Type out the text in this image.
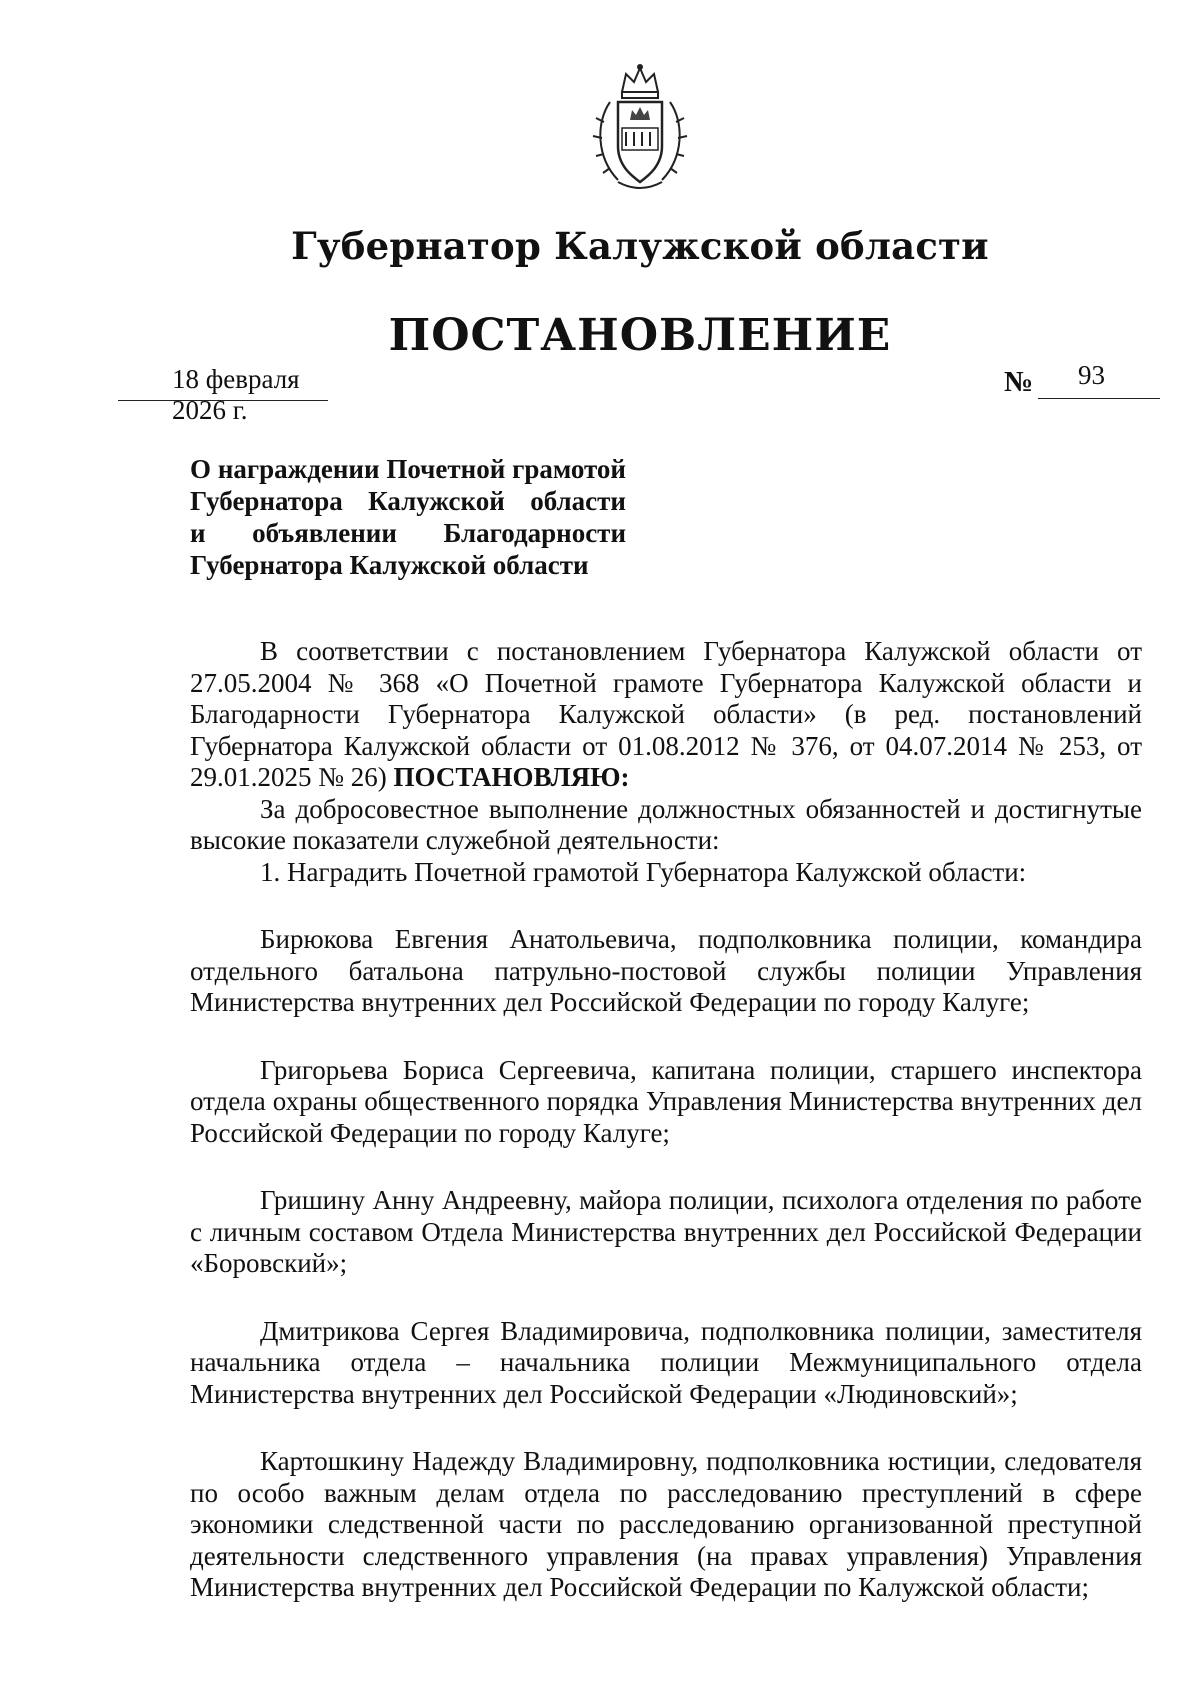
Губернатор Калужской области
ПОСТАНОВЛЕНИЕ
18 февраля 2026 г.
№ 93
О награждении Почетной грамотой
Губернатора Калужской области
и объявлении Благодарности
Губернатора Калужской области

В соответствии с постановлением Губернатора Калужской области от 27.05.2004 № 368 «О Почетной грамоте Губернатора Калужской области и Благодарности Губернатора Калужской области» (в ред. постановлений Губернатора Калужской области от 01.08.2012 № 376, от 04.07.2014 № 253, от 29.01.2025 № 26) ПОСТАНОВЛЯЮ:

За добросовестное выполнение должностных обязанностей и достигнутые высокие показатели служебной деятельности:

1. Наградить Почетной грамотой Губернатора Калужской области:

Бирюкова Евгения Анатольевича, подполковника полиции, командира отдельного батальона патрульно-постовой службы полиции Управления Министерства внутренних дел Российской Федерации по городу Калуге;

Григорьева Бориса Сергеевича, капитана полиции, старшего инспектора отдела охраны общественного порядка Управления Министерства внутренних дел Российской Федерации по городу Калуге;

Гришину Анну Андреевну, майора полиции, психолога отделения по работе с личным составом Отдела Министерства внутренних дел Российской Федерации «Боровский»;

Дмитрикова Сергея Владимировича, подполковника полиции, заместителя начальника отдела – начальника полиции Межмуниципального отдела Министерства внутренних дел Российской Федерации «Людиновский»;

Картошкину Надежду Владимировну, подполковника юстиции, следователя по особо важным делам отдела по расследованию преступлений в сфере экономики следственной части по расследованию организованной преступной деятельности следственного управления (на правах управления) Управления Министерства внутренних дел Российской Федерации по Калужской области;
